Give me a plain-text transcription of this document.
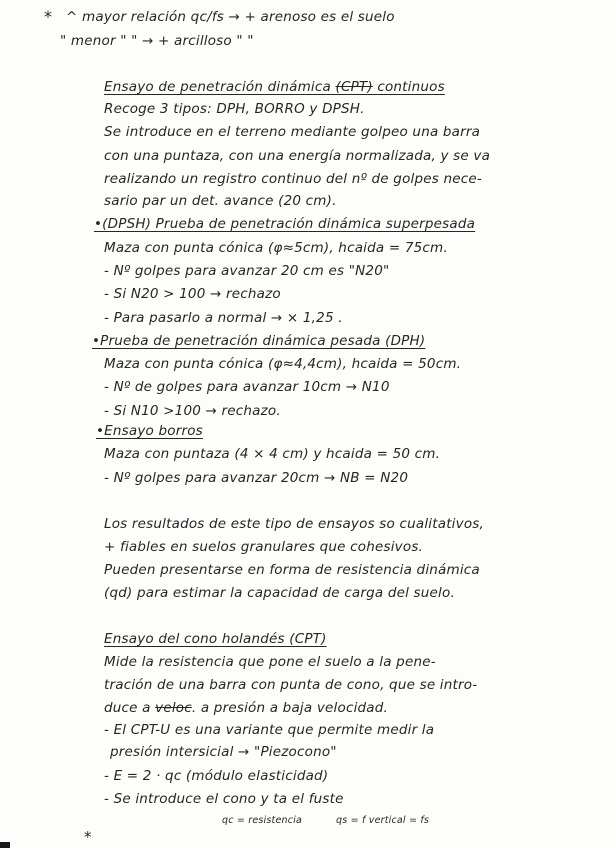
* ^ mayor relación qc/fs → + arenoso es el suelo
" menor " " → + arcilloso " "
Ensayo de penetración dinámica (CPT) continuos
Recoge 3 tipos: DPH, BORRO y DPSH.
Se introduce en el terreno mediante golpeo una barra
con una puntaza, con una energía normalizada, y se va
realizando un registro continuo del nº de golpes nece-
sario par un det. avance (20 cm).
•(DPSH) Prueba de penetración dinámica superpesada
Maza con punta cónica (φ≈5cm), hcaida = 75cm.
- Nº golpes para avanzar 20 cm es "N20"
- Si N20 > 100 → rechazo
- Para pasarlo a normal → × 1,25 .
•Prueba de penetración dinámica pesada (DPH)
Maza con punta cónica (φ≈4,4cm), hcaida = 50cm.
- Nº de golpes para avanzar 10cm → N10
- Si N10 >100 → rechazo.
•Ensayo borros
Maza con puntaza (4 × 4 cm) y hcaida = 50 cm.
- Nº golpes para avanzar 20cm → NB = N20
Los resultados de este tipo de ensayos so cualitativos,
+ fiables en suelos granulares que cohesivos.
Pueden presentarse en forma de resistencia dinámica
(qd) para estimar la capacidad de carga del suelo.
Ensayo del cono holandés (CPT)
Mide la resistencia que pone el suelo a la pene-
tración de una barra con punta de cono, que se intro-
duce a veloc. a presión a baja velocidad.
- El CPT-U es una variante que permite medir la
presión intersicial → "Piezocono"
- E = 2 · qc (módulo elasticidad)
- Se introduce el cono y ta el fuste
qc = resistencia	qs = f vertical = fs
*
